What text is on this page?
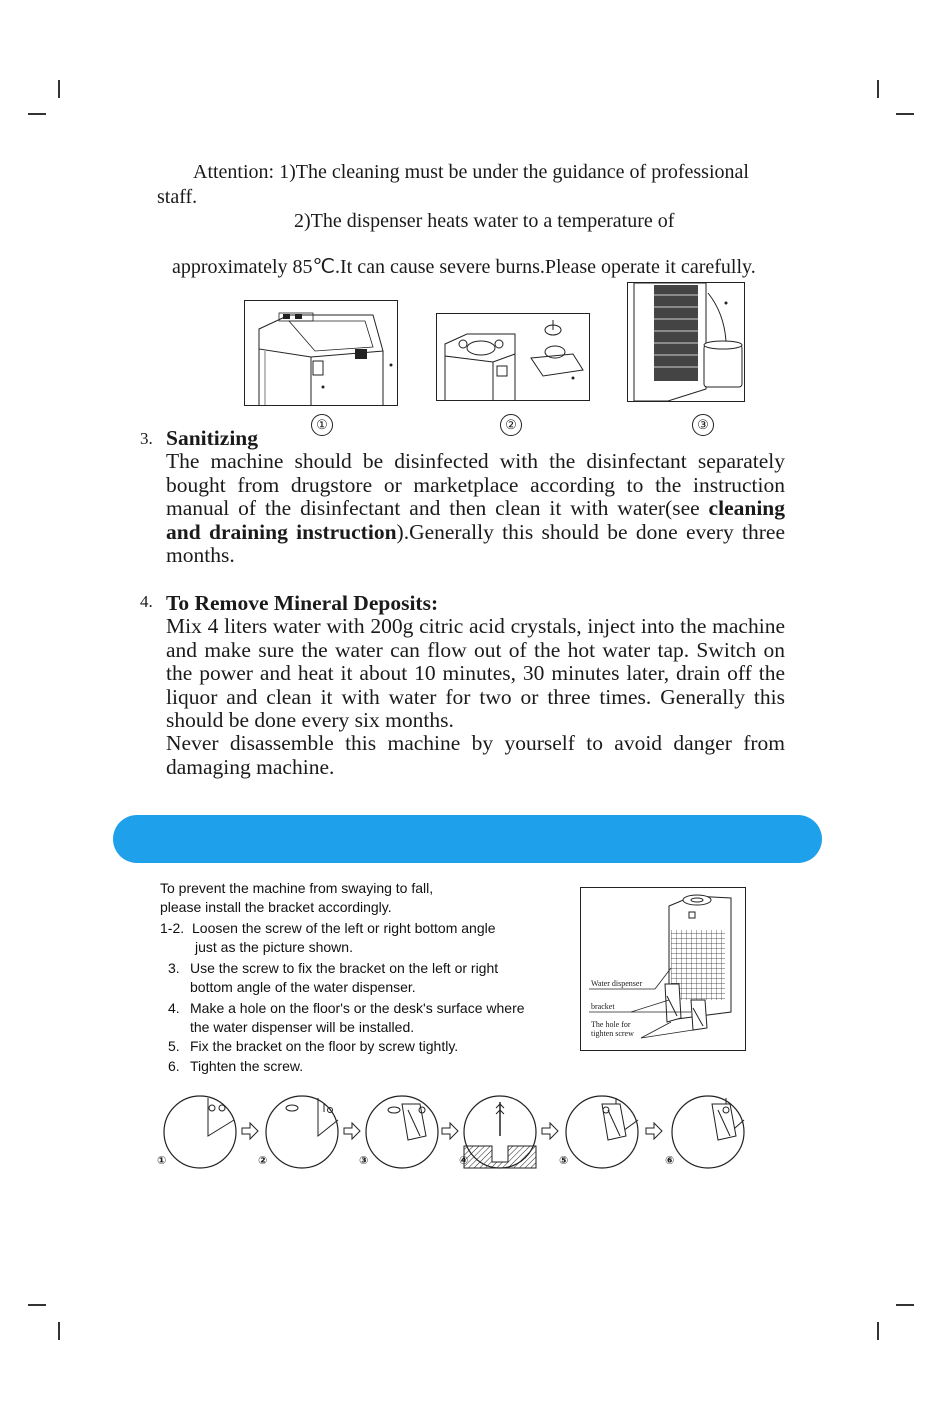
Attention: 1)The cleaning must be under the guidance of professional
staff.
2)The dispenser heats water to a temperature of
approximately 85℃.It can cause severe burns.Please operate it carefully.
①	②	③
3. Sanitizing
The machine should be disinfected with the disinfectant separately bought from drugstore or marketplace according to the instruction manual of the disinfectant and then clean it with water(see cleaning and draining instruction).Generally this should be done every three months.
4. To Remove Mineral Deposits:
Mix 4 liters water with 200g citric acid crystals, inject into the machine and make sure the water can flow out of the hot water tap. Switch on the power and heat it about 10 minutes, 30 minutes later, drain off the liquor and clean it with water for two or three times. Generally this should be done every six months.
Never disassemble this machine by yourself to avoid danger from damaging machine.
To prevent the machine from swaying to fall,
please install the bracket accordingly.
1-2. Loosen the screw of the left or right bottom angle
just as the picture shown.
3. Use the screw to fix the bracket on the left or right
bottom angle of the water dispenser.
4. Make a hole on the floor's or the desk's surface where
the water dispenser will be installed.
5. Fix the bracket on the floor by screw tightly.
6. Tighten the screw.
Water dispenser
bracket
The hole for
tighten screw
①	②	③	④	⑤	⑥
